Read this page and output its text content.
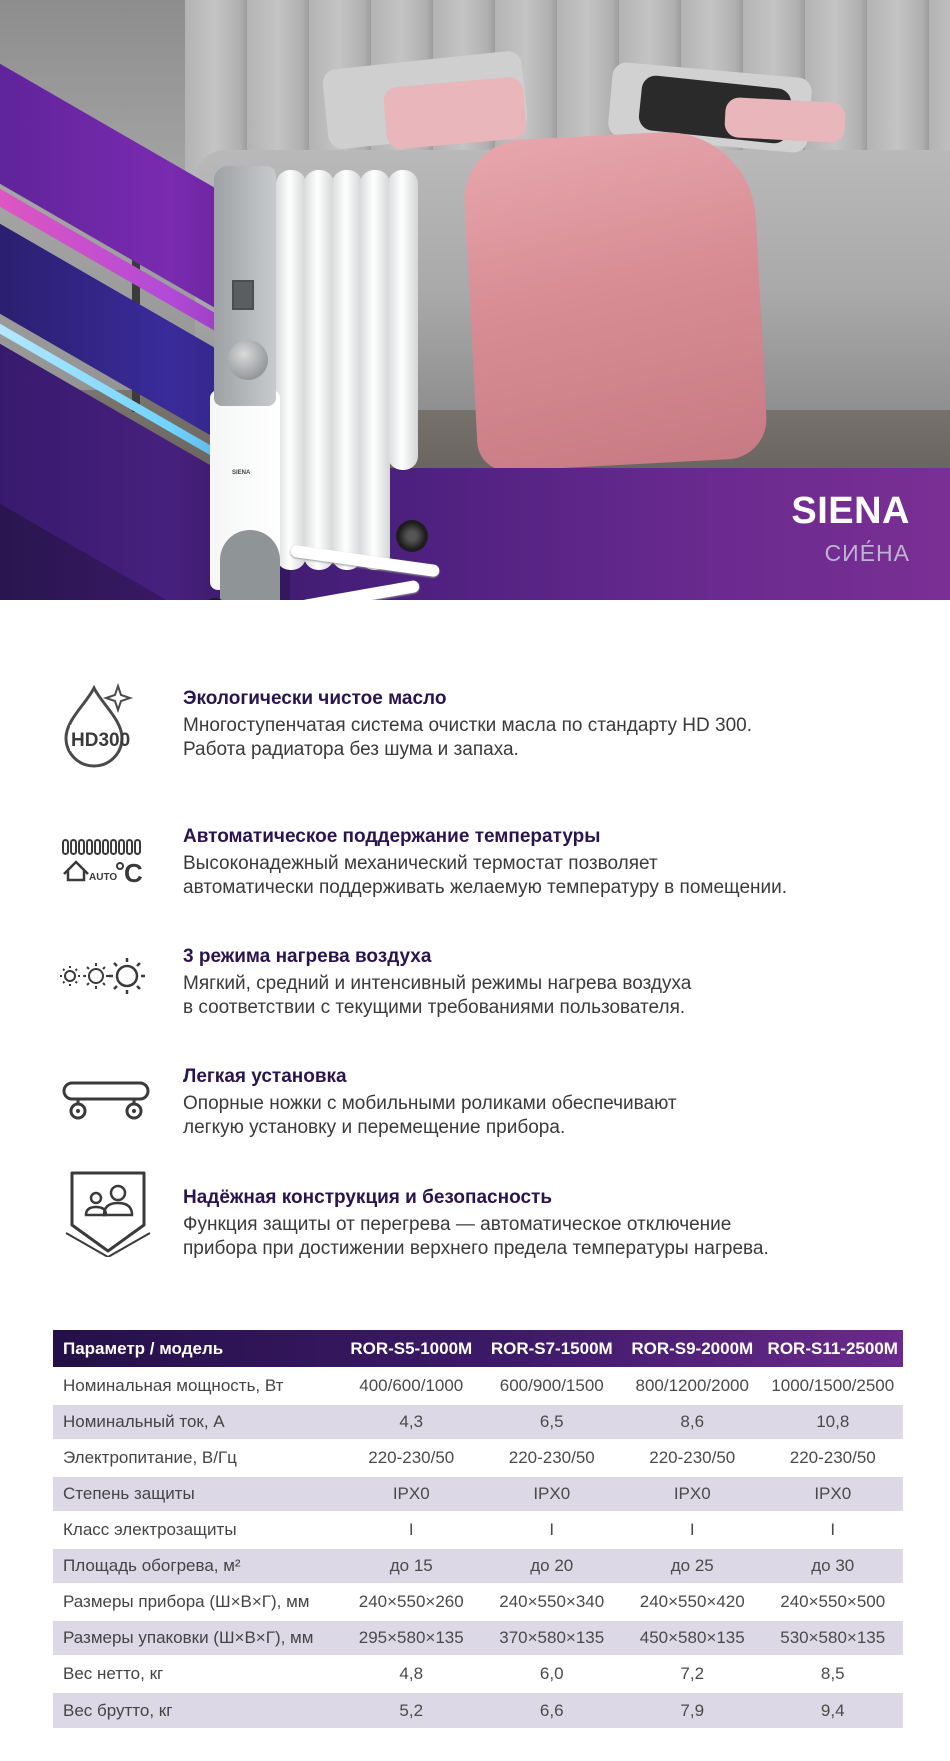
SIENA
SIENA
СИЕ́НА
HD300
Экологически чистое масло
Многоступенчатая система очистки масла по стандарту HD 300.
Работа радиатора без шума и запаха.
AUTO C
Автоматическое поддержание температуры
Высоконадежный механический термостат позволяет
автоматически поддерживать желаемую температуру в помещении.
3 режима нагрева воздуха
Мягкий, средний и интенсивный режимы нагрева воздуха
в соответствии с текущими требованиями пользователя.
Легкая установка
Опорные ножки с мобильными роликами обеспечивают
легкую установку и перемещение прибора.
Надёжная конструкция и безопасность
Функция защиты от перегрева — автоматическое отключение
прибора при достижении верхнего предела температуры нагрева.
Параметр / модель	ROR-S5-1000M	ROR-S7-1500M	ROR-S9-2000M	ROR-S11-2500M
Номинальная мощность, Вт	400/600/1000	600/900/1500	800/1200/2000	1000/1500/2500
Номинальный ток, А	4,3	6,5	8,6	10,8
Электропитание, В/Гц	220-230/50	220-230/50	220-230/50	220-230/50
Степень защиты	IPX0	IPX0	IPX0	IPX0
Класс электрозащиты	I	I	I	I
Площадь обогрева, м²	до 15	до 20	до 25	до 30
Размеры прибора (Ш×В×Г), мм	240×550×260	240×550×340	240×550×420	240×550×500
Размеры упаковки (Ш×В×Г), мм	295×580×135	370×580×135	450×580×135	530×580×135
Вес нетто, кг	4,8	6,0	7,2	8,5
Вес брутто, кг	5,2	6,6	7,9	9,4
